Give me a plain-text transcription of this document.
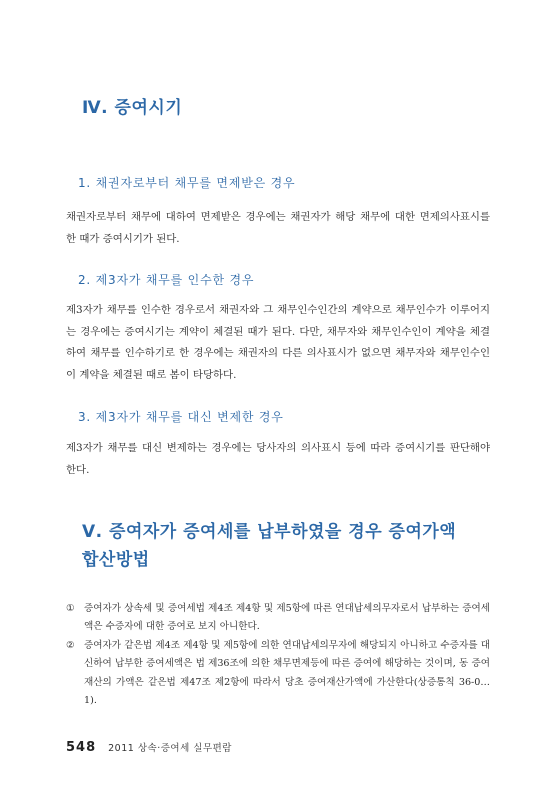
Ⅳ. 증여시기
1. 채권자로부터 채무를 면제받은 경우

채권자로부터 채무에 대하여 면제받은 경우에는 채권자가 해당 채무에 대한 면제의사표시를 한 때가 증여시기가 된다.

2. 제3자가 채무를 인수한 경우

제3자가 채무를 인수한 경우로서 채권자와 그 채무인수인간의 계약으로 채무인수가 이루어지는 경우에는 증여시기는 계약이 체결된 때가 된다. 다만, 채무자와 채무인수인이 계약을 체결하여 채무를 인수하기로 한 경우에는 채권자의 다른 의사표시가 없으면 채무자와 채무인수인이 계약을 체결된 때로 봄이 타당하다.

3. 제3자가 채무를 대신 변제한 경우

제3자가 채무를 대신 변제하는 경우에는 당사자의 의사표시 등에 따라 증여시기를 판단해야 한다.

Ⅴ. 증여자가 증여세를 납부하였을 경우 증여가액
합산방법
① 증여자가 상속세 및 증여세법 제4조 제4항 및 제5항에 따른 연대납세의무자로서 납부하는 증여세액은 수증자에 대한 증여로 보지 아니한다.
② 증여자가 같은법 제4조 제4항 및 제5항에 의한 연대납세의무자에 해당되지 아니하고 수증자를 대신하여 납부한 증여세액은 법 제36조에 의한 채무면제등에 따른 증여에 해당하는 것이며, 동 증여재산의 가액은 같은법 제47조 제2항에 따라서 당초 증여재산가액에 가산한다(상증통칙 36-0…1).
548 2011 상속·증여세 실무편람
